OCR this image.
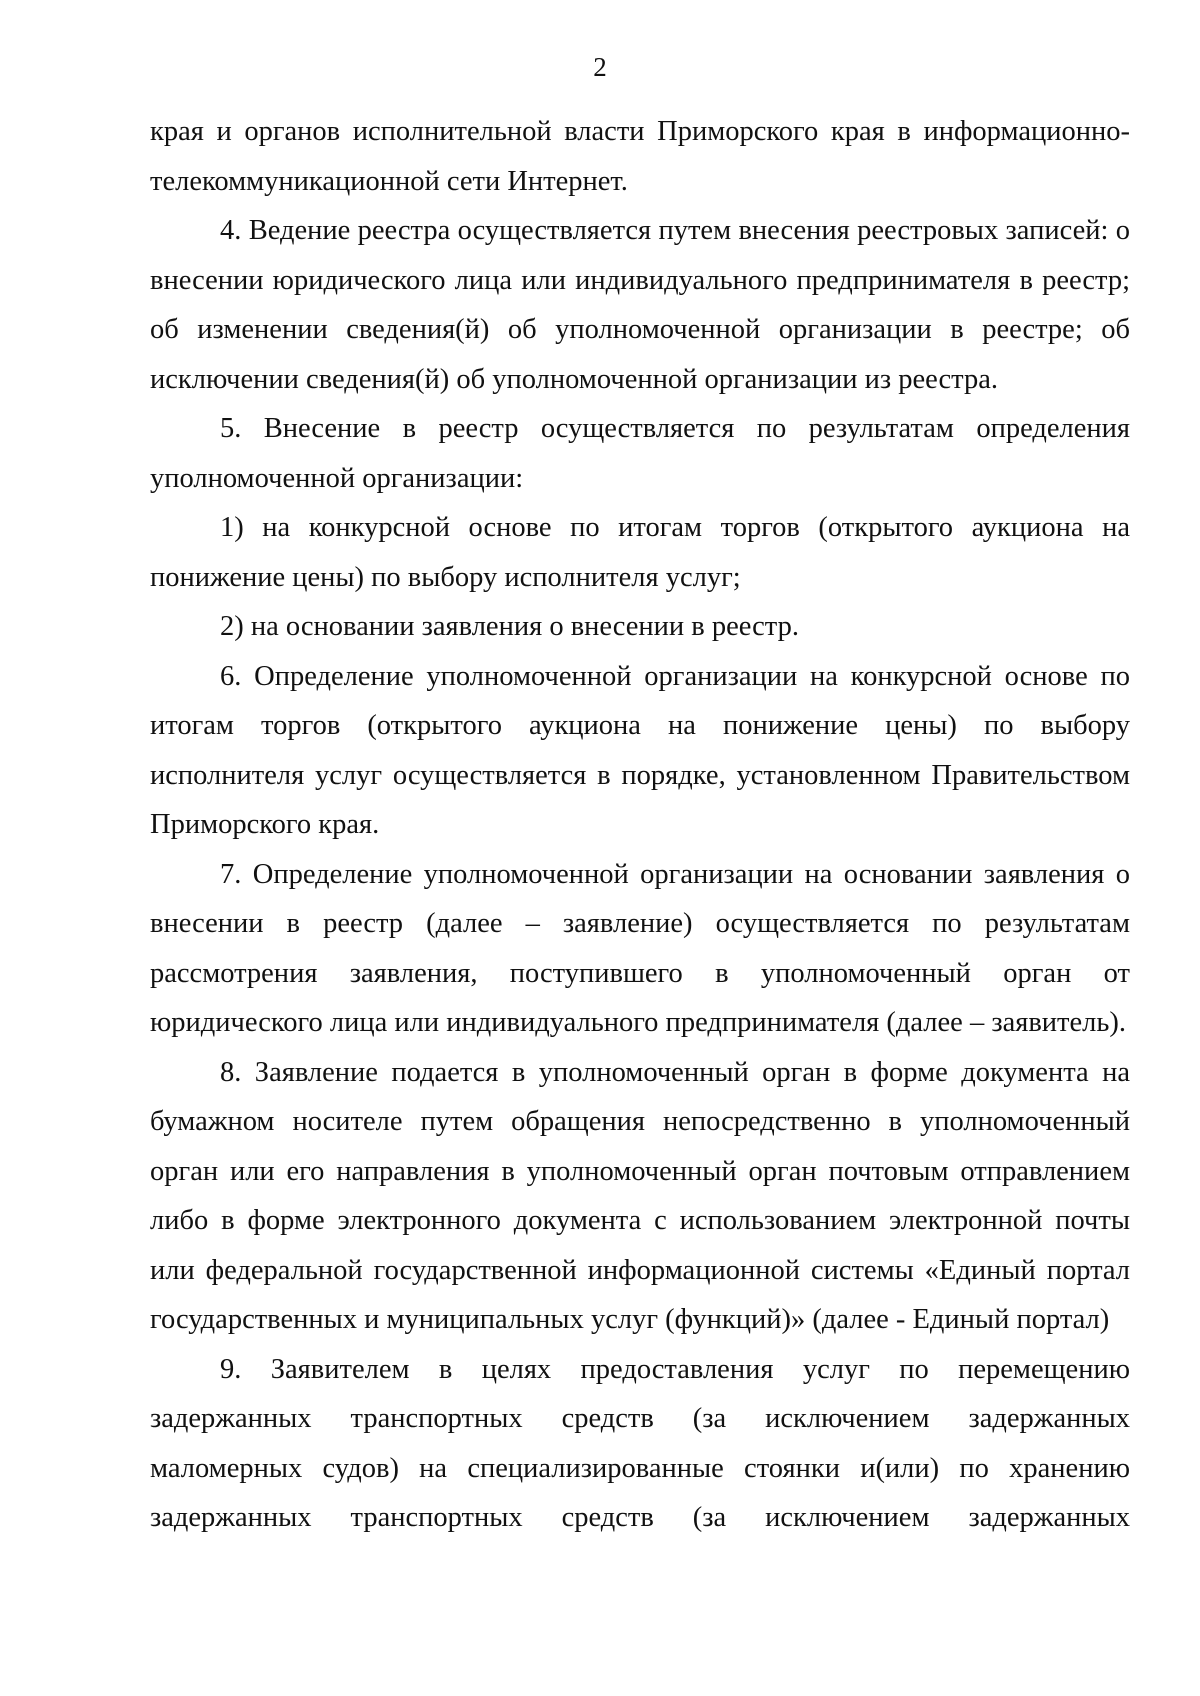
2

края и органов исполнительной власти Приморского края в информационно-телекоммуникационной сети Интернет.

4. Ведение реестра осуществляется путем внесения реестровых записей: о внесении юридического лица или индивидуального предпринимателя в реестр; об изменении сведения(й) об уполномоченной организации в реестре; об исключении сведения(й) об уполномоченной организации из реестра.

5. Внесение в реестр осуществляется по результатам определения уполномоченной организации:

1) на конкурсной основе по итогам торгов (открытого аукциона на понижение цены) по выбору исполнителя услуг;

2) на основании заявления о внесении в реестр.

6. Определение уполномоченной организации на конкурсной основе по итогам торгов (открытого аукциона на понижение цены) по выбору исполнителя услуг осуществляется в порядке, установленном Правительством Приморского края.

7. Определение уполномоченной организации на основании заявления о внесении в реестр (далее – заявление) осуществляется по результатам рассмотрения заявления, поступившего в уполномоченный орган от юридического лица или индивидуального предпринимателя (далее – заявитель).

8. Заявление подается в уполномоченный орган в форме документа на бумажном носителе путем обращения непосредственно в уполномоченный орган или его направления в уполномоченный орган почтовым отправлением либо в форме электронного документа с использованием электронной почты или федеральной государственной информационной системы «Единый портал государственных и муниципальных услуг (функций)» (далее - Единый портал)

9. Заявителем в целях предоставления услуг по перемещению задержанных транспортных средств (за исключением задержанных маломерных судов) на специализированные стоянки и(или) по хранению задержанных транспортных средств (за исключением задержанных
